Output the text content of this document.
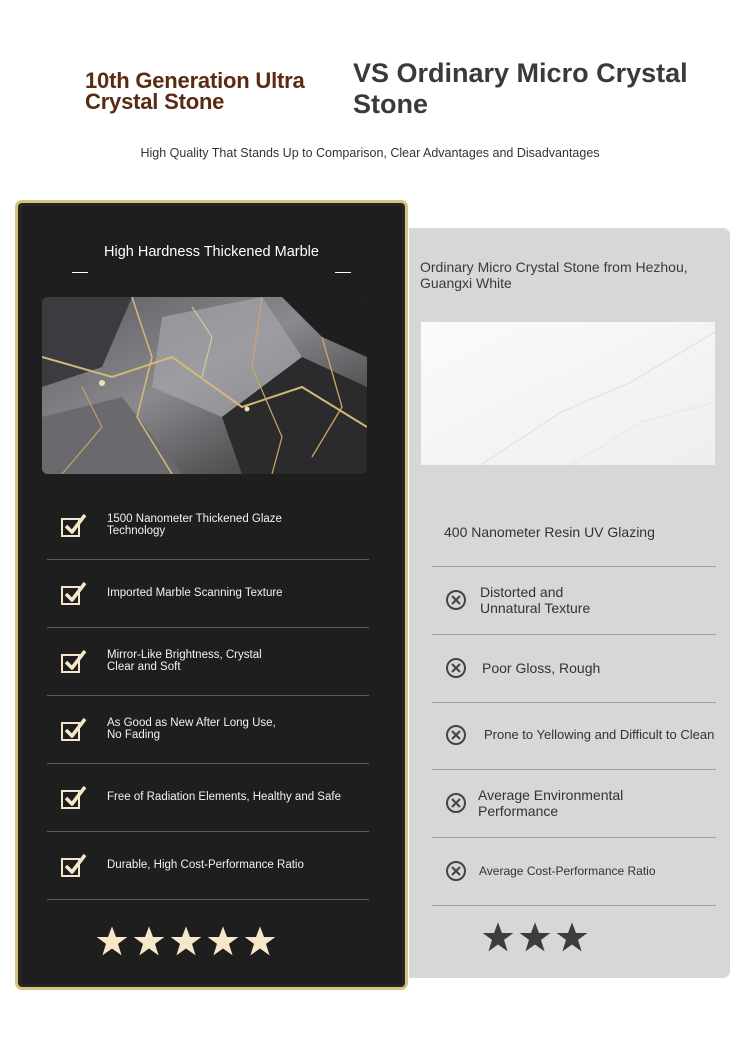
10th Generation Ultra Crystal Stone
VS Ordinary Micro Crystal Stone
High Quality That Stands Up to Comparison, Clear Advantages and Disadvantages
High Hardness Thickened Marble
1500 Nanometer Thickened Glaze
Technology
Imported Marble Scanning Texture
Mirror-Like Brightness, Crystal
Clear and Soft
As Good as New After Long Use,
No Fading
Free of Radiation Elements, Healthy and Safe
Durable, High Cost-Performance Ratio
Ordinary Micro Crystal Stone from Hezhou, Guangxi White
400 Nanometer Resin UV Glazing
Distorted and
Unnatural Texture
Poor Gloss, Rough
Prone to Yellowing and Difficult to Clean
Average Environmental
Performance
Average Cost-Performance Ratio
